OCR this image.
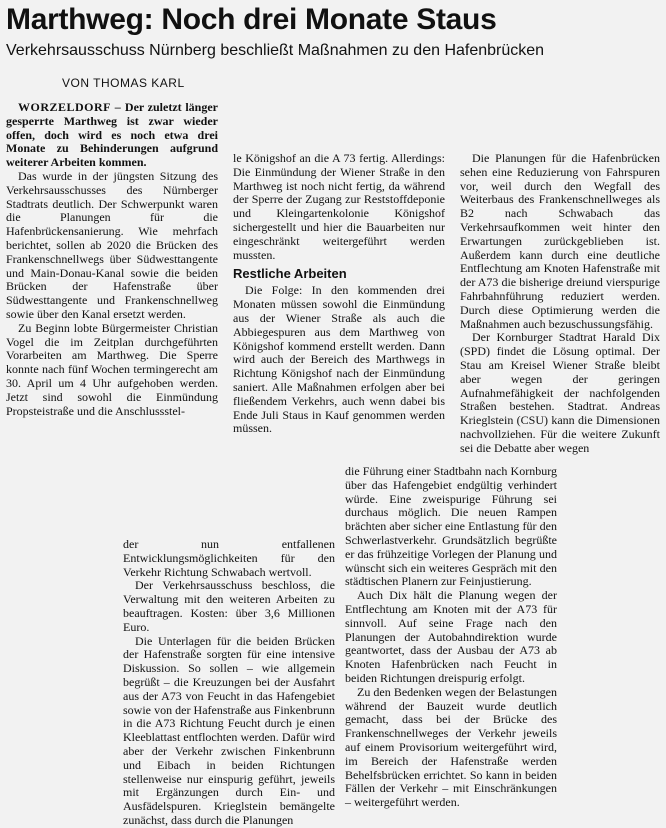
Marthweg: Noch drei Monate Staus
Verkehrsausschuss Nürnberg beschließt Maßnahmen zu den Hafenbrücken
VON THOMAS KARL

WORZELDORF – Der zuletzt länger gesperrte Marthweg ist zwar wieder offen, doch wird es noch etwa drei Monate zu Behinderungen aufgrund weiterer Arbeiten kommen.

Das wurde in der jüngsten Sitzung des Verkehrsausschusses des Nürnberger Stadtrats deutlich. Der Schwerpunkt waren die Planungen für die Hafenbrückensanierung. Wie mehrfach berichtet, sollen ab 2020 die Brücken des Frankenschnellwegs über Südwesttangente und Main-Donau-Kanal sowie die beiden Brücken der Hafenstraße über Südwesttangente und Frankenschnellweg sowie über den Kanal ersetzt werden.

Zu Beginn lobte Bürgermeister Christian Vogel die im Zeitplan durchgeführten Vorarbeiten am Marthweg. Die Sperre konnte nach fünf Wochen termingerecht am 30. April um 4 Uhr aufgehoben werden. Jetzt sind sowohl die Einmündung Propsteistraße und die Anschlussstel-

le Königshof an die A 73 fertig. Allerdings: Die Einmündung der Wiener Straße in den Marthweg ist noch nicht fertig, da während der Sperre der Zugang zur Reststoffdeponie und Kleingartenkolonie Königshof sichergestellt und hier die Bauarbeiten nur eingeschränkt weitergeführt werden mussten.

Restliche Arbeiten

Die Folge: In den kommenden drei Monaten müssen sowohl die Einmündung aus der Wiener Straße als auch die Abbiegespuren aus dem Marthweg von Königshof kommend erstellt werden. Dann wird auch der Bereich des Marthwegs in Richtung Königshof nach der Einmündung saniert. Alle Maßnahmen erfolgen aber bei fließendem Verkehrs, auch wenn dabei bis Ende Juli Staus in Kauf genommen werden müssen.

Die Planungen für die Hafenbrücken sehen eine Reduzierung von Fahrspuren vor, weil durch den Wegfall des Weiterbaus des Frankenschnellweges als B2 nach Schwabach das Verkehrsaufkommen weit hinter den Erwartungen zurückgeblieben ist. Außerdem kann durch eine deutliche Entflechtung am Knoten Hafenstraße mit der A73 die bisherige dreiund vierspurige Fahrbahnführung reduziert werden. Durch diese Optimierung werden die Maßnahmen auch bezuschussungsfähig.

Der Kornburger Stadtrat Harald Dix (SPD) findet die Lösung optimal. Der Stau am Kreisel Wiener Straße bleibt aber wegen der geringen Aufnahmefähigkeit der nachfolgenden Straßen bestehen. Stadtrat. Andreas Krieglstein (CSU) kann die Dimensionen nachvollziehen. Für die weitere Zukunft sei die Debatte aber wegen

der nun entfallenen Entwicklungsmöglichkeiten für den Verkehr Richtung Schwabach wertvoll.

Der Verkehrsausschuss beschloss, die Verwaltung mit den weiteren Arbeiten zu beauftragen. Kosten: über 3,6 Millionen Euro.

Die Unterlagen für die beiden Brücken der Hafenstraße sorgten für eine intensive Diskussion. So sollen – wie allgemein begrüßt – die Kreuzungen bei der Ausfahrt aus der A73 von Feucht in das Hafengebiet sowie von der Hafenstraße aus Finkenbrunn in die A73 Richtung Feucht durch je einen Kleeblattast entflochten werden. Dafür wird aber der Verkehr zwischen Finkenbrunn und Eibach in beiden Richtungen stellenweise nur einspurig geführt, jeweils mit Ergänzungen durch Ein- und Ausfädelspuren. Krieglstein bemängelte zunächst, dass durch die Planungen

die Führung einer Stadtbahn nach Kornburg über das Hafengebiet endgültig verhindert würde. Eine zweispurige Führung sei durchaus möglich. Die neuen Rampen brächten aber sicher eine Entlastung für den Schwerlastverkehr. Grundsätzlich begrüßte er das frühzeitige Vorlegen der Planung und wünscht sich ein weiteres Gespräch mit den städtischen Planern zur Feinjustierung.

Auch Dix hält die Planung wegen der Entflechtung am Knoten mit der A73 für sinnvoll. Auf seine Frage nach den Planungen der Autobahndirektion wurde geantwortet, dass der Ausbau der A73 ab Knoten Hafenbrücken nach Feucht in beiden Richtungen dreispurig erfolgt.

Zu den Bedenken wegen der Belastungen während der Bauzeit wurde deutlich gemacht, dass bei der Brücke des Frankenschnellweges der Verkehr jeweils auf einem Provisorium weitergeführt wird, im Bereich der Hafenstraße werden Behelfsbrücken errichtet. So kann in beiden Fällen der Verkehr – mit Einschränkungen – weitergeführt werden.
